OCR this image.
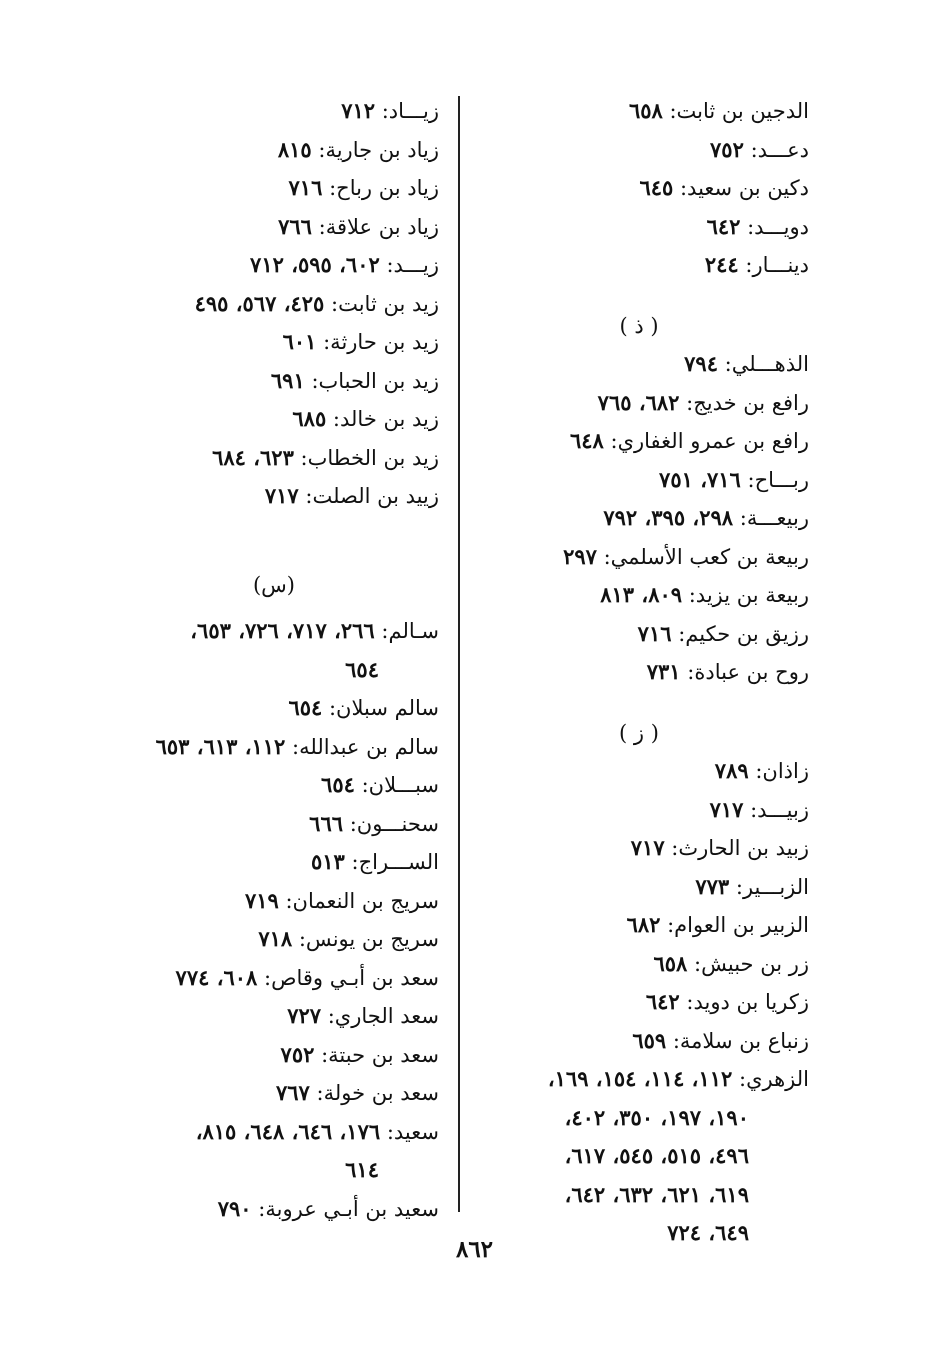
الدجين بن ثابت: ٦٥٨
دعـــد: ٧٥٢
دكين بن سعيد: ٦٤٥
دويـــد: ٦٤٢
دينـــار: ٢٤٤
( ذ )
الذهـــلي: ٧٩٤
رافع بن خديج: ٦٨٢، ٧٦٥
رافع بن عمرو الغفاري: ٦٤٨
ربـــاح: ٧١٦، ٧٥١
ربيعـــة: ٢٩٨، ٣٩٥، ٧٩٢
ربيعة بن كعب الأسلمي: ٢٩٧
ربيعة بن يزيد: ٨٠٩، ٨١٣
رزيق بن حكيم: ٧١٦
روح بن عبادة: ٧٣١
( ز )
زاذان: ٧٨٩
زبيـــد: ٧١٧
زبيد بن الحارث: ٧١٧
الزبـــير: ٧٧٣
الزبير بن العوام: ٦٨٢
زر بن حبيش: ٦٥٨
زكريا بن دويد: ٦٤٢
زنباع بن سلامة: ٦٥٩
الزهري: ١١٢، ١١٤، ١٥٤، ١٦٩،
١٩٠، ١٩٧، ٣٥٠، ٤٠٢،
٤٩٦، ٥١٥، ٥٤٥، ٦١٧،
٦١٩، ٦٢١، ٦٣٢، ٦٤٢،
٦٤٩، ٧٢٤
زيـــاد: ٧١٢
زياد بن جارية: ٨١٥
زياد بن رباح: ٧١٦
زياد بن علاقة: ٧٦٦
زيـــد: ٦٠٢، ٥٩٥، ٧١٢
زيد بن ثابت: ٤٢٥، ٥٦٧، ٤٩٥
زيد بن حارثة: ٦٠١
زيد بن الحباب: ٦٩١
زيد بن خالد: ٦٨٥
زيد بن الخطاب: ٦٢٣، ٦٨٤
زييد بن الصلت: ٧١٧
(س)
سـالم: ٢٦٦، ٧١٧، ٧٢٦، ٦٥٣،
٦٥٤
سالم سبلان: ٦٥٤
سالم بن عبدالله: ١١٢، ٦١٣، ٦٥٣
سبـــلان: ٦٥٤
سحنـــون: ٦٦٦
الســـراج: ٥١٣
سريج بن النعمان: ٧١٩
سريج بن يونس: ٧١٨
سعد بن أبـي وقاص: ٦٠٨، ٧٧٤
سعد الجاري: ٧٢٧
سعد بن حبتة: ٧٥٢
سعد بن خولة: ٧٦٧
سعيد: ١٧٦، ٦٤٦، ٦٤٨، ٨١٥،
٦١٤
سعيد بن أبـي عروبة: ٧٩٠
٨٦٢
